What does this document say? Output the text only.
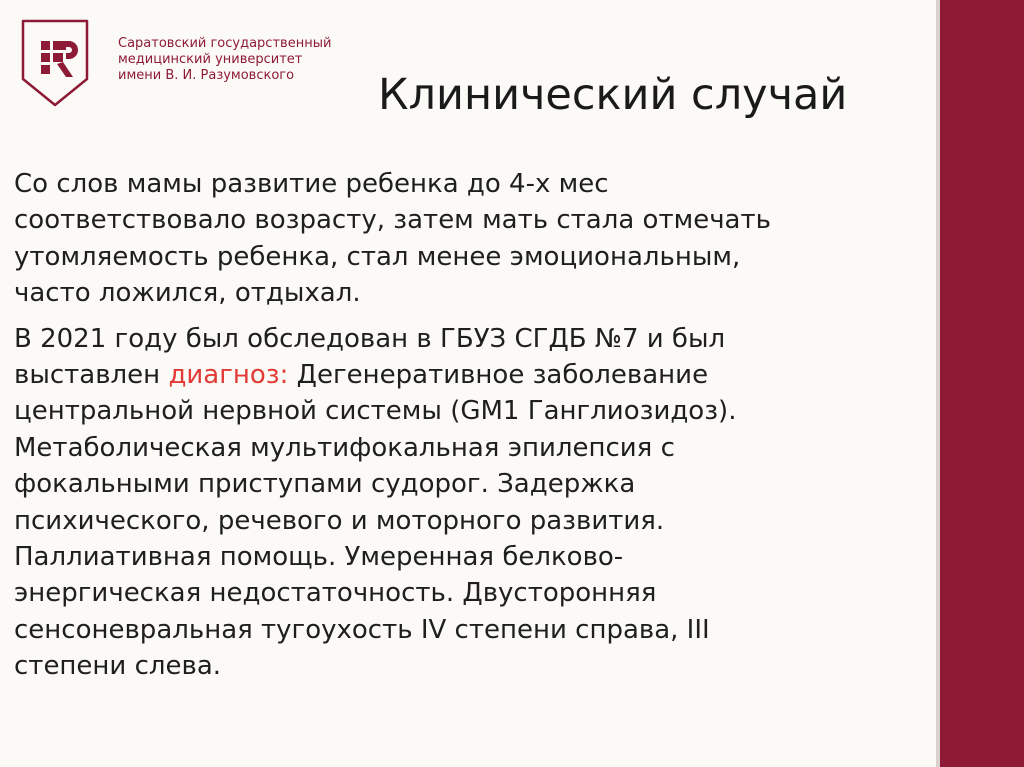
Саратовский государственный
медицинский университет
имени В. И. Разумовского	Клинический случай

Со слов мамы развитие ребенка до 4-х мес
соответствовало возрасту, затем мать стала отмечать
утомляемость ребенка, стал менее эмоциональным,
часто ложился, отдыхал.

В 2021 году был обследован в ГБУЗ СГДБ №7 и был
выставлен диагноз: Дегенеративное заболевание
центральной нервной системы (GM1 Ганглиозидоз).
Метаболическая мультифокальная эпилепсия с
фокальными приступами судорог. Задержка
психического, речевого и моторного развития.
Паллиативная помощь. Умеренная белково-
энергическая недостаточность. Двусторонняя
сенсоневральная тугоухость IV степени справа, III
степени слева.
